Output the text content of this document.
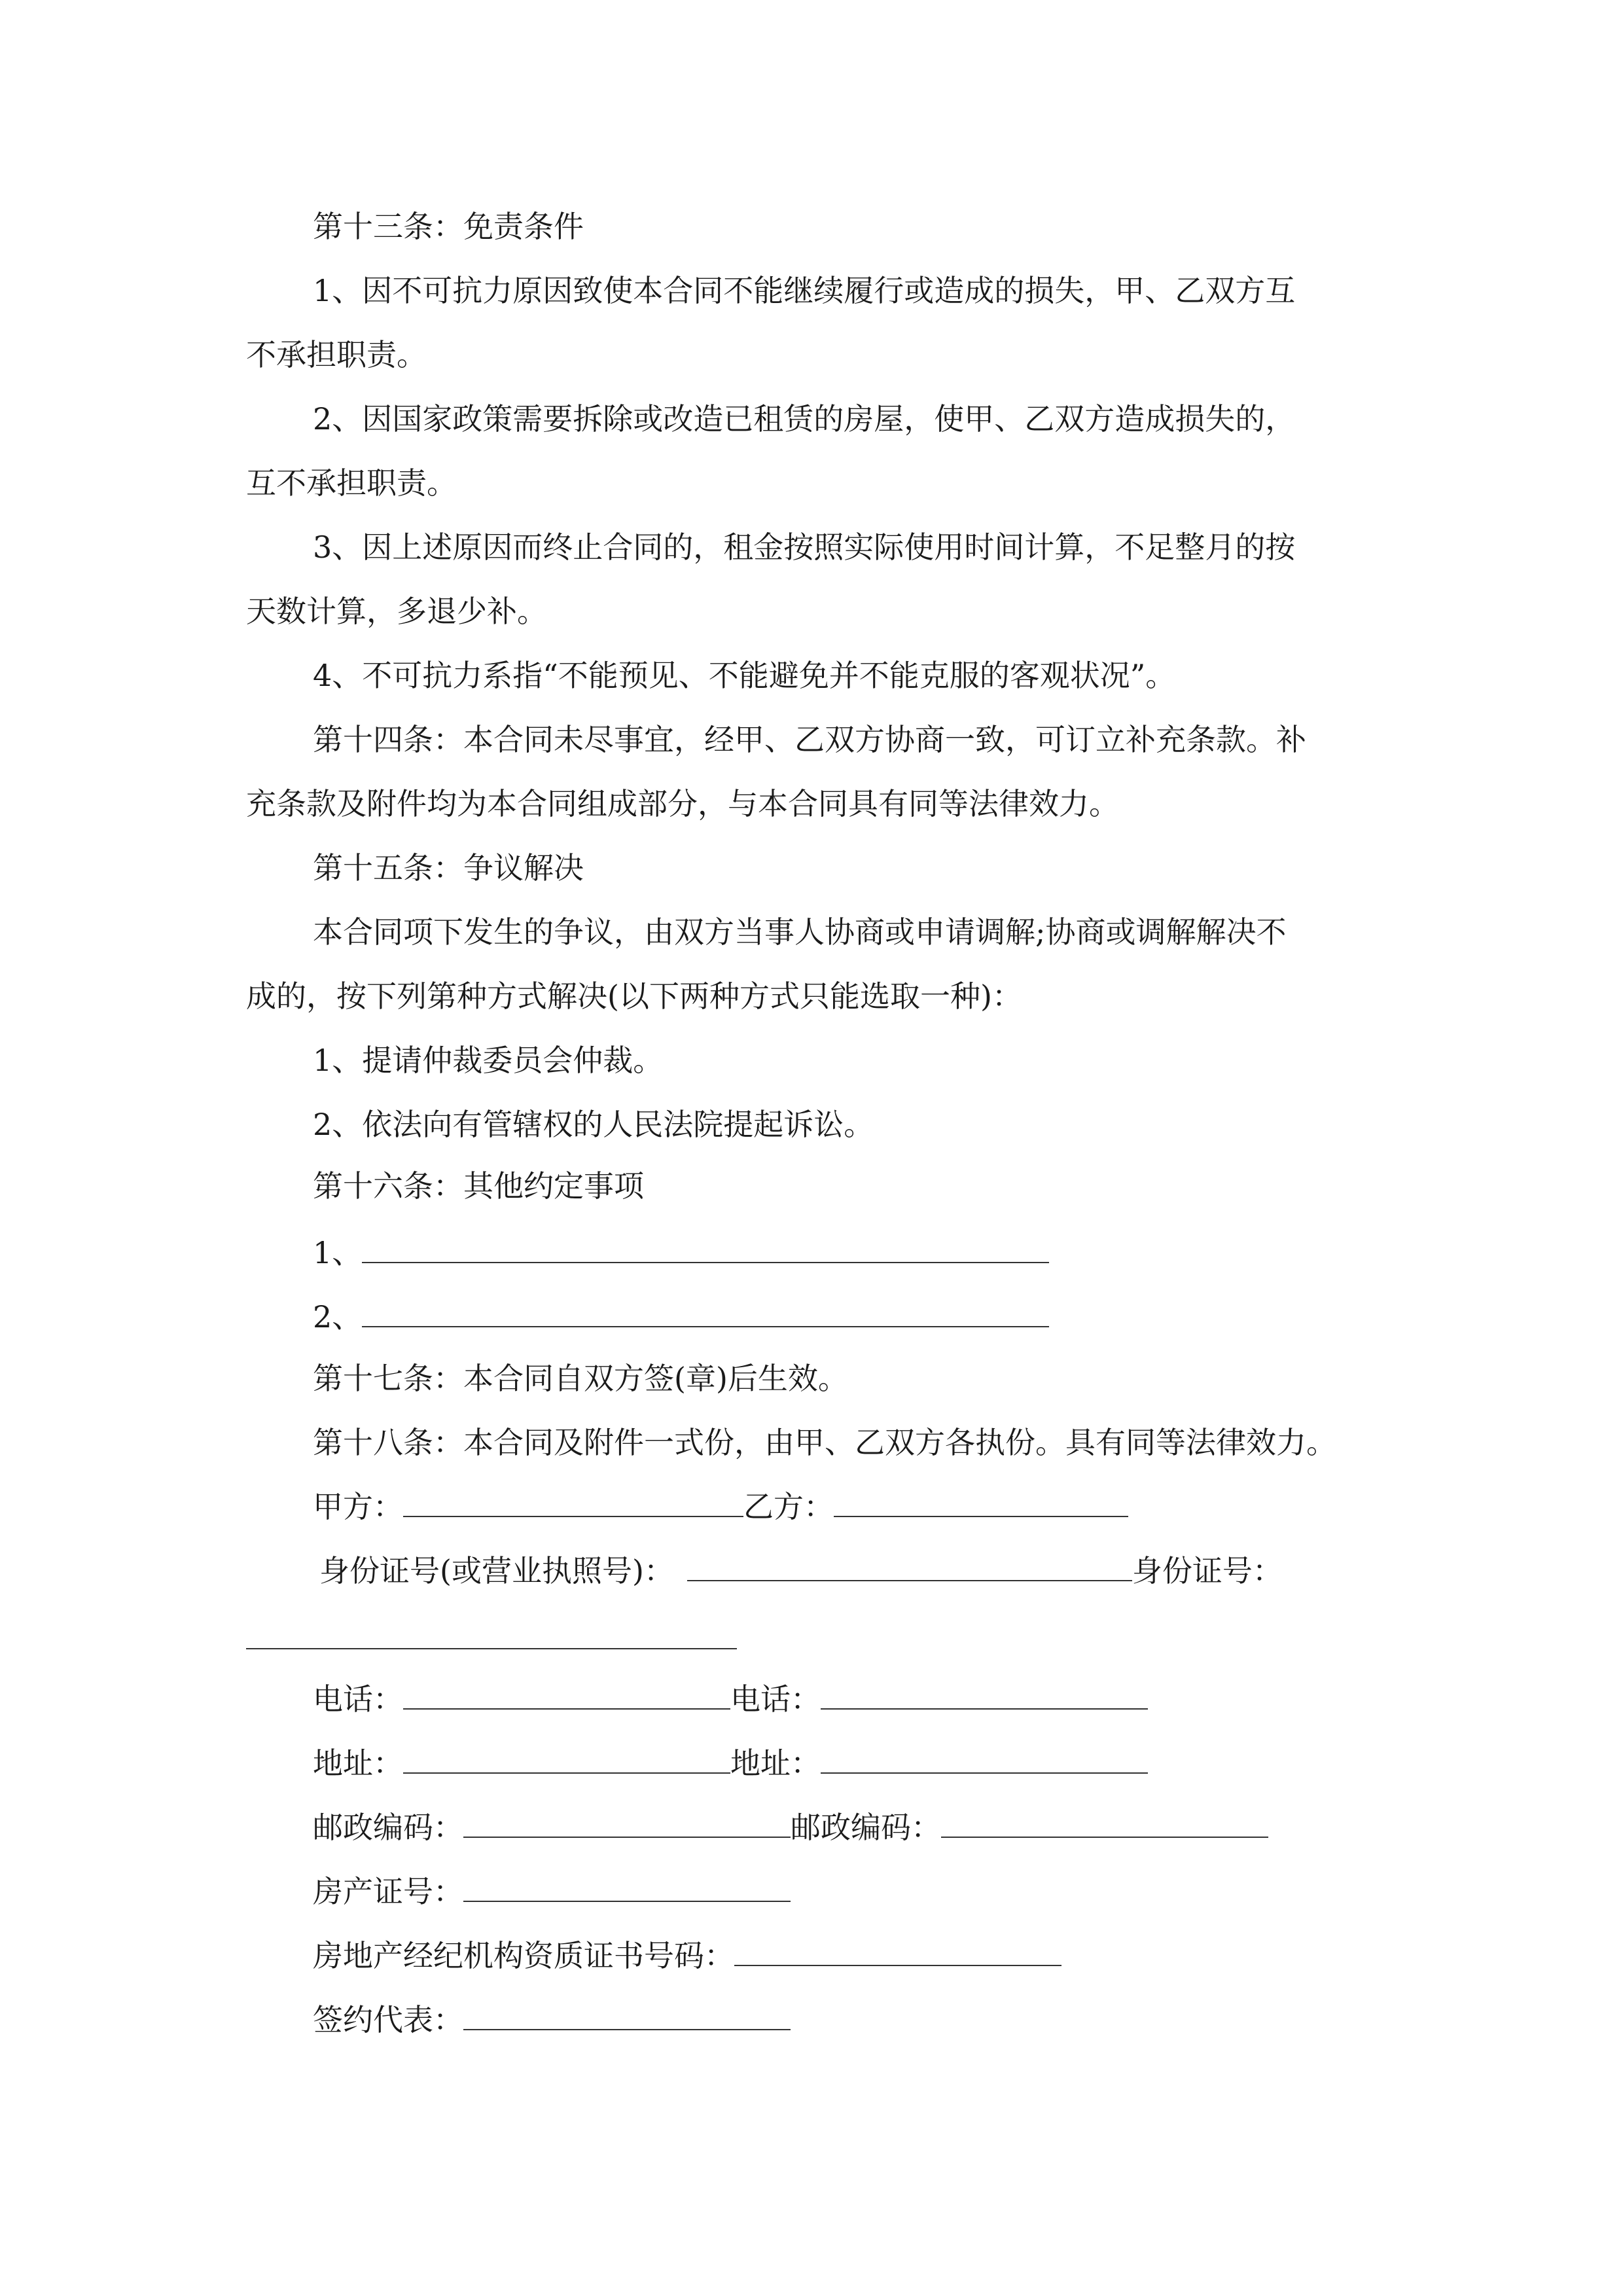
第十三条：免责条件
1、因不可抗力原因致使本合同不能继续履行或造成的损失，甲、乙双方互
不承担职责。
2、因国家政策需要拆除或改造已租赁的房屋，使甲、乙双方造成损失的，
互不承担职责。
3、因上述原因而终止合同的，租金按照实际使用时间计算，不足整月的按
天数计算，多退少补。
4、不可抗力系指“不能预见、不能避免并不能克服的客观状况”。
第十四条：本合同未尽事宜，经甲、乙双方协商一致，可订立补充条款。补
充条款及附件均为本合同组成部分，与本合同具有同等法律效力。
第十五条：争议解决
本合同项下发生的争议，由双方当事人协商或申请调解;协商或调解解决不
成的，按下列第种方式解决(以下两种方式只能选取一种)：
1、提请仲裁委员会仲裁。
2、依法向有管辖权的人民法院提起诉讼。
第十六条：其他约定事项
1、
2、
第十七条：本合同自双方签(章)后生效。
第十八条：本合同及附件一式份，由甲、乙双方各执份。具有同等法律效力。
甲方：	乙方：
身份证号(或营业执照号)：	身份证号：
电话：	电话：
地址：	地址：
邮政编码：	邮政编码：
房产证号：
房地产经纪机构资质证书号码：
签约代表：
